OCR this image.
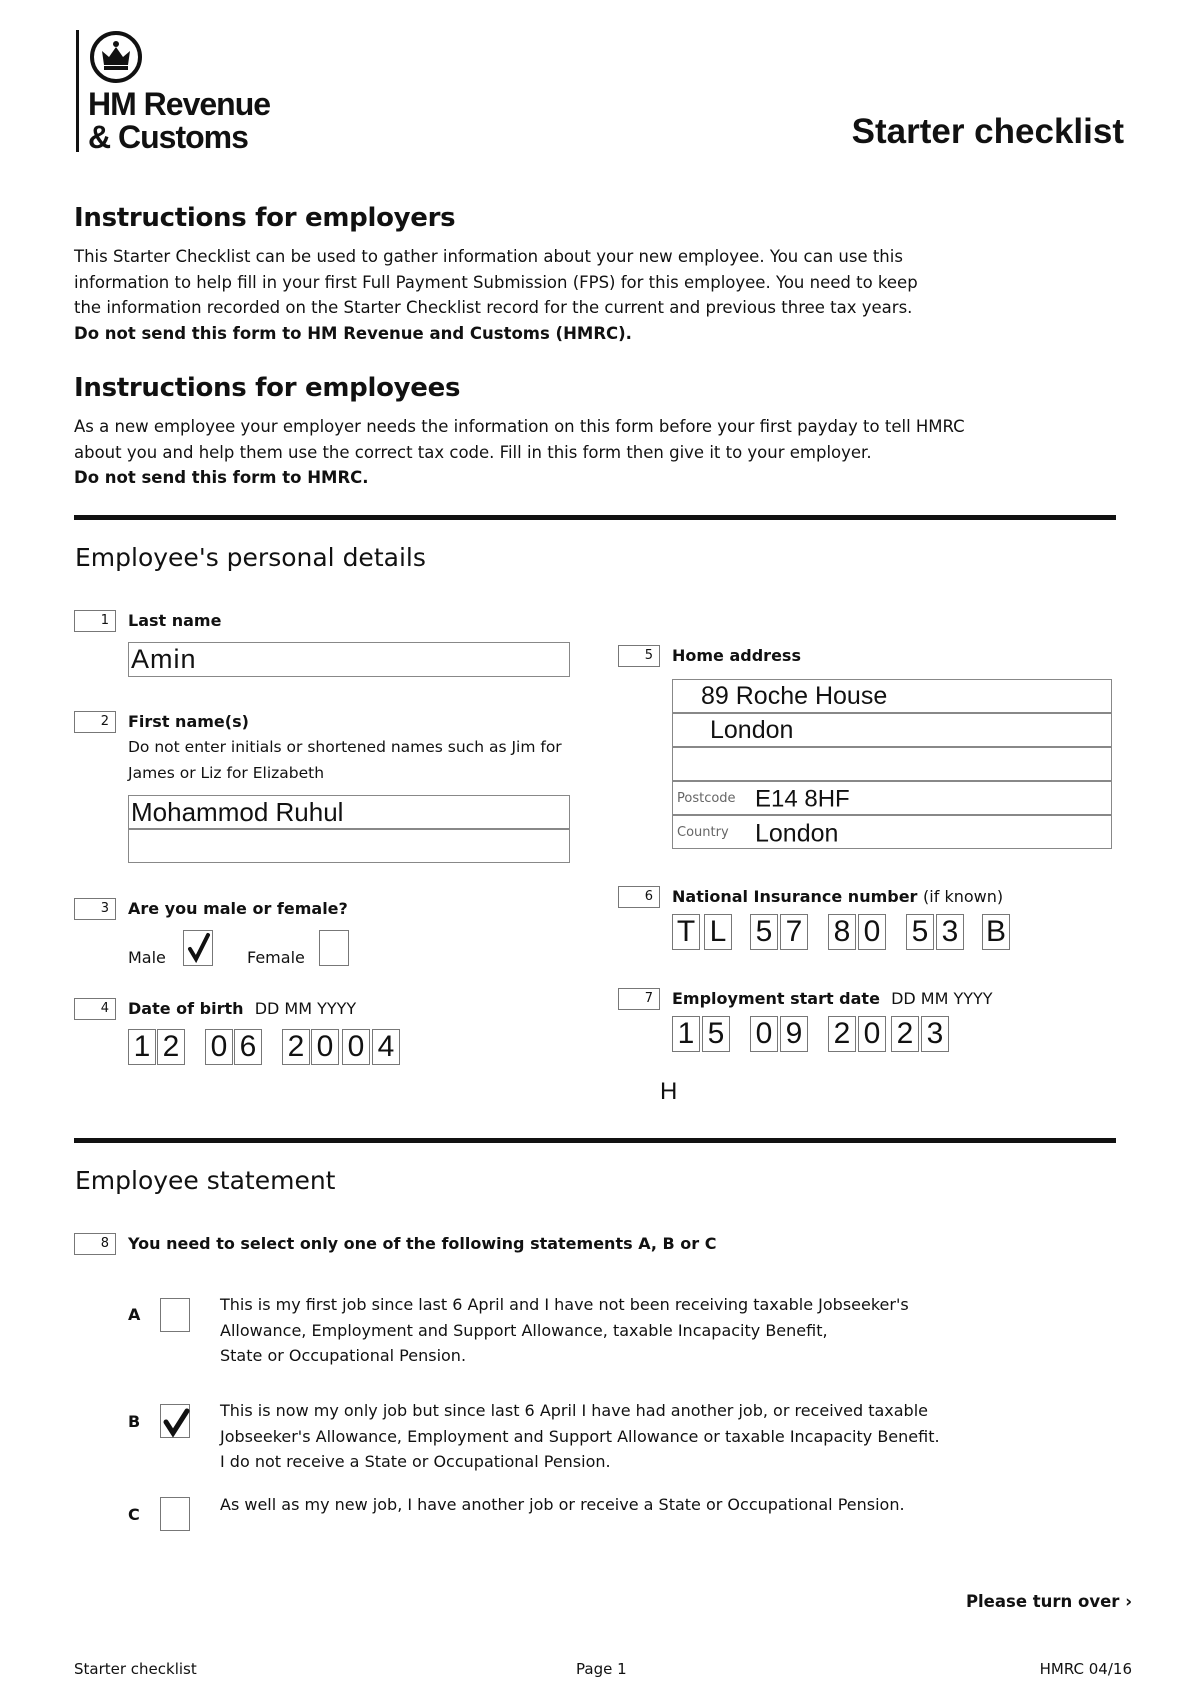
HM Revenue
& Customs	Starter checklist
Instructions for employers

This Starter Checklist can be used to gather information about your new employee. You can use this
information to help fill in your first Full Payment Submission (FPS) for this employee. You need to keep
the information recorded on the Starter Checklist record for the current and previous three tax years.
Do not send this form to HM Revenue and Customs (HMRC).

Instructions for employees

As a new employee your employer needs the information on this form before your first payday to tell HMRC
about you and help them use the correct tax code. Fill in this form then give it to your employer.
Do not send this form to HMRC.

Employee's personal details
1	Last name
Amin
2	First name(s)
Do not enter initials or shortened names such as Jim for
James or Liz for Elizabeth
Mohammod Ruhul
3	Are you male or female?
Male	Female
4	Date of birth DD MM YYYY
1 2 0 6 2 0 0 4
5	Home address
89 Roche House
London
Postcode E14 8HF
Country London
6	National Insurance number (if known)
T L 5 7 8 0 5 3 B
7	Employment start date DD MM YYYY
1 5 0 9 2 0 2 3
H
Employee statement
8	You need to select only one of the following statements A, B or C
A
This is my first job since last 6 April and I have not been receiving taxable Jobseeker's
Allowance, Employment and Support Allowance, taxable Incapacity Benefit,
State or Occupational Pension.
B
This is now my only job but since last 6 April I have had another job, or received taxable
Jobseeker's Allowance, Employment and Support Allowance or taxable Incapacity Benefit.
I do not receive a State or Occupational Pension.
C
As well as my new job, I have another job or receive a State or Occupational Pension.
Please turn over ›
Starter checklist	Page 1	HMRC 04/16
